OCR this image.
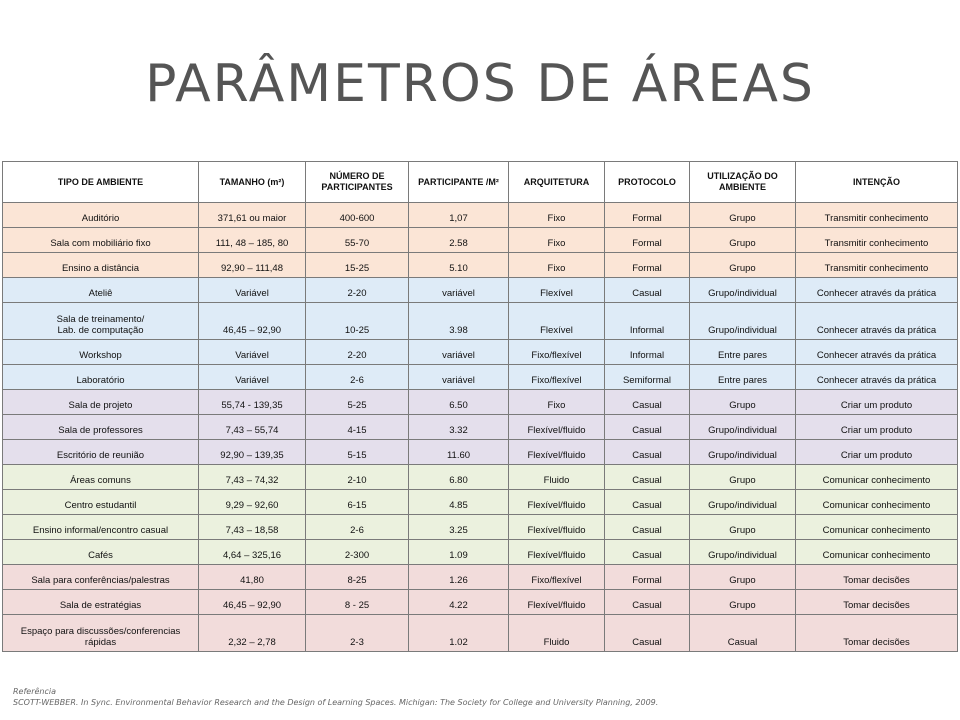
PARÂMETROS DE ÁREAS
TIPO DE AMBIENTE	TAMANHO (m²)	NÚMERO DE PARTICIPANTES	PARTICIPANTE /M²	ARQUITETURA	PROTOCOLO	UTILIZAÇÃO DO AMBIENTE	INTENÇÃO

Auditório	371,61 ou maior	400-600	1,07	Fixo	Formal	Grupo	Transmitir conhecimento

Sala com mobiliário fixo	111, 48 – 185, 80	55-70	2.58	Fixo	Formal	Grupo	Transmitir conhecimento

Ensino a distância	92,90 – 111,48	15-25	5.10	Fixo	Formal	Grupo	Transmitir conhecimento

Ateliê	Variável	2-20	variável	Flexível	Casual	Grupo/individual	Conhecer através da prática

Sala de treinamento/
Lab. de computação	46,45 – 92,90	10-25	3.98	Flexível	Informal	Grupo/individual	Conhecer através da prática

Workshop	Variável	2-20	variável	Fixo/flexível	Informal	Entre pares	Conhecer através da prática

Laboratório	Variável	2-6	variável	Fixo/flexível	Semiformal	Entre pares	Conhecer através da prática

Sala de projeto	55,74 - 139,35	5-25	6.50	Fixo	Casual	Grupo	Criar um produto

Sala de professores	7,43 – 55,74	4-15	3.32	Flexível/fluido	Casual	Grupo/individual	Criar um produto

Escritório de reunião	92,90 – 139,35	5-15	11.60	Flexível/fluido	Casual	Grupo/individual	Criar um produto

Áreas comuns	7,43 – 74,32	2-10	6.80	Fluido	Casual	Grupo	Comunicar conhecimento

Centro estudantil	9,29 – 92,60	6-15	4.85	Flexível/fluido	Casual	Grupo/individual	Comunicar conhecimento

Ensino informal/encontro casual	7,43 – 18,58	2-6	3.25	Flexível/fluido	Casual	Grupo	Comunicar conhecimento

Cafés	4,64 – 325,16	2-300	1.09	Flexível/fluido	Casual	Grupo/individual	Comunicar conhecimento

Sala para conferências/palestras	41,80	8-25	1.26	Fixo/flexível	Formal	Grupo	Tomar decisões

Sala de estratégias	46,45 – 92,90	8 - 25	4.22	Flexível/fluido	Casual	Grupo	Tomar decisões

Espaço para discussões/conferencias
rápidas	2,32 – 2,78	2-3	1.02	Fluido	Casual	Casual	Tomar decisões
Referência
SCOTT-WEBBER. In Sync. Environmental Behavior Research and the Design of Learning Spaces. Michigan: The Society for College and University Planning, 2009.
